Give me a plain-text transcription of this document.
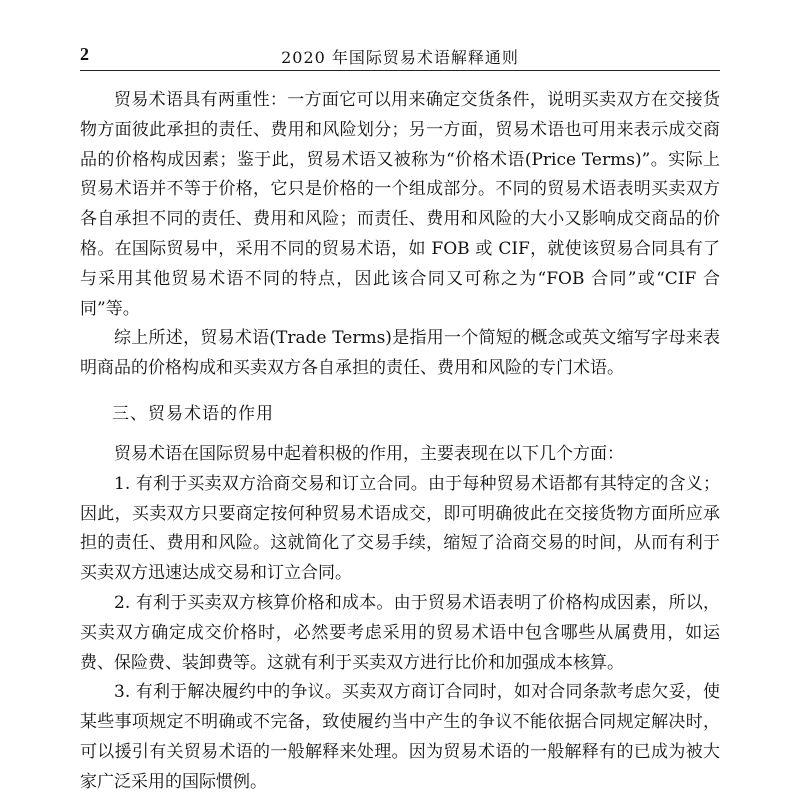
2	2020 年国际贸易术语解释通则

贸易术语具有两重性：一方面它可以用来确定交货条件，说明买卖双方在交接货物方面彼此承担的责任、费用和风险划分；另一方面，贸易术语也可用来表示成交商品的价格构成因素；鉴于此，贸易术语又被称为“价格术语(Price Terms)”。实际上贸易术语并不等于价格，它只是价格的一个组成部分。不同的贸易术语表明买卖双方各自承担不同的责任、费用和风险；而责任、费用和风险的大小又影响成交商品的价格。在国际贸易中，采用不同的贸易术语，如 FOB 或 CIF，就使该贸易合同具有了与采用其他贸易术语不同的特点，因此该合同又可称之为“FOB 合同”或“CIF 合同”等。

综上所述，贸易术语(Trade Terms)是指用一个简短的概念或英文缩写字母来表明商品的价格构成和买卖双方各自承担的责任、费用和风险的专门术语。

三、贸易术语的作用

贸易术语在国际贸易中起着积极的作用，主要表现在以下几个方面：

1. 有利于买卖双方洽商交易和订立合同。由于每种贸易术语都有其特定的含义；因此，买卖双方只要商定按何种贸易术语成交，即可明确彼此在交接货物方面所应承担的责任、费用和风险。这就简化了交易手续，缩短了洽商交易的时间，从而有利于买卖双方迅速达成交易和订立合同。

2. 有利于买卖双方核算价格和成本。由于贸易术语表明了价格构成因素，所以，买卖双方确定成交价格时，必然要考虑采用的贸易术语中包含哪些从属费用，如运费、保险费、装卸费等。这就有利于买卖双方进行比价和加强成本核算。

3. 有利于解决履约中的争议。买卖双方商订合同时，如对合同条款考虑欠妥，使某些事项规定不明确或不完备，致使履约当中产生的争议不能依据合同规定解决时，可以援引有关贸易术语的一般解释来处理。因为贸易术语的一般解释有的已成为被大家广泛采用的国际惯例。
